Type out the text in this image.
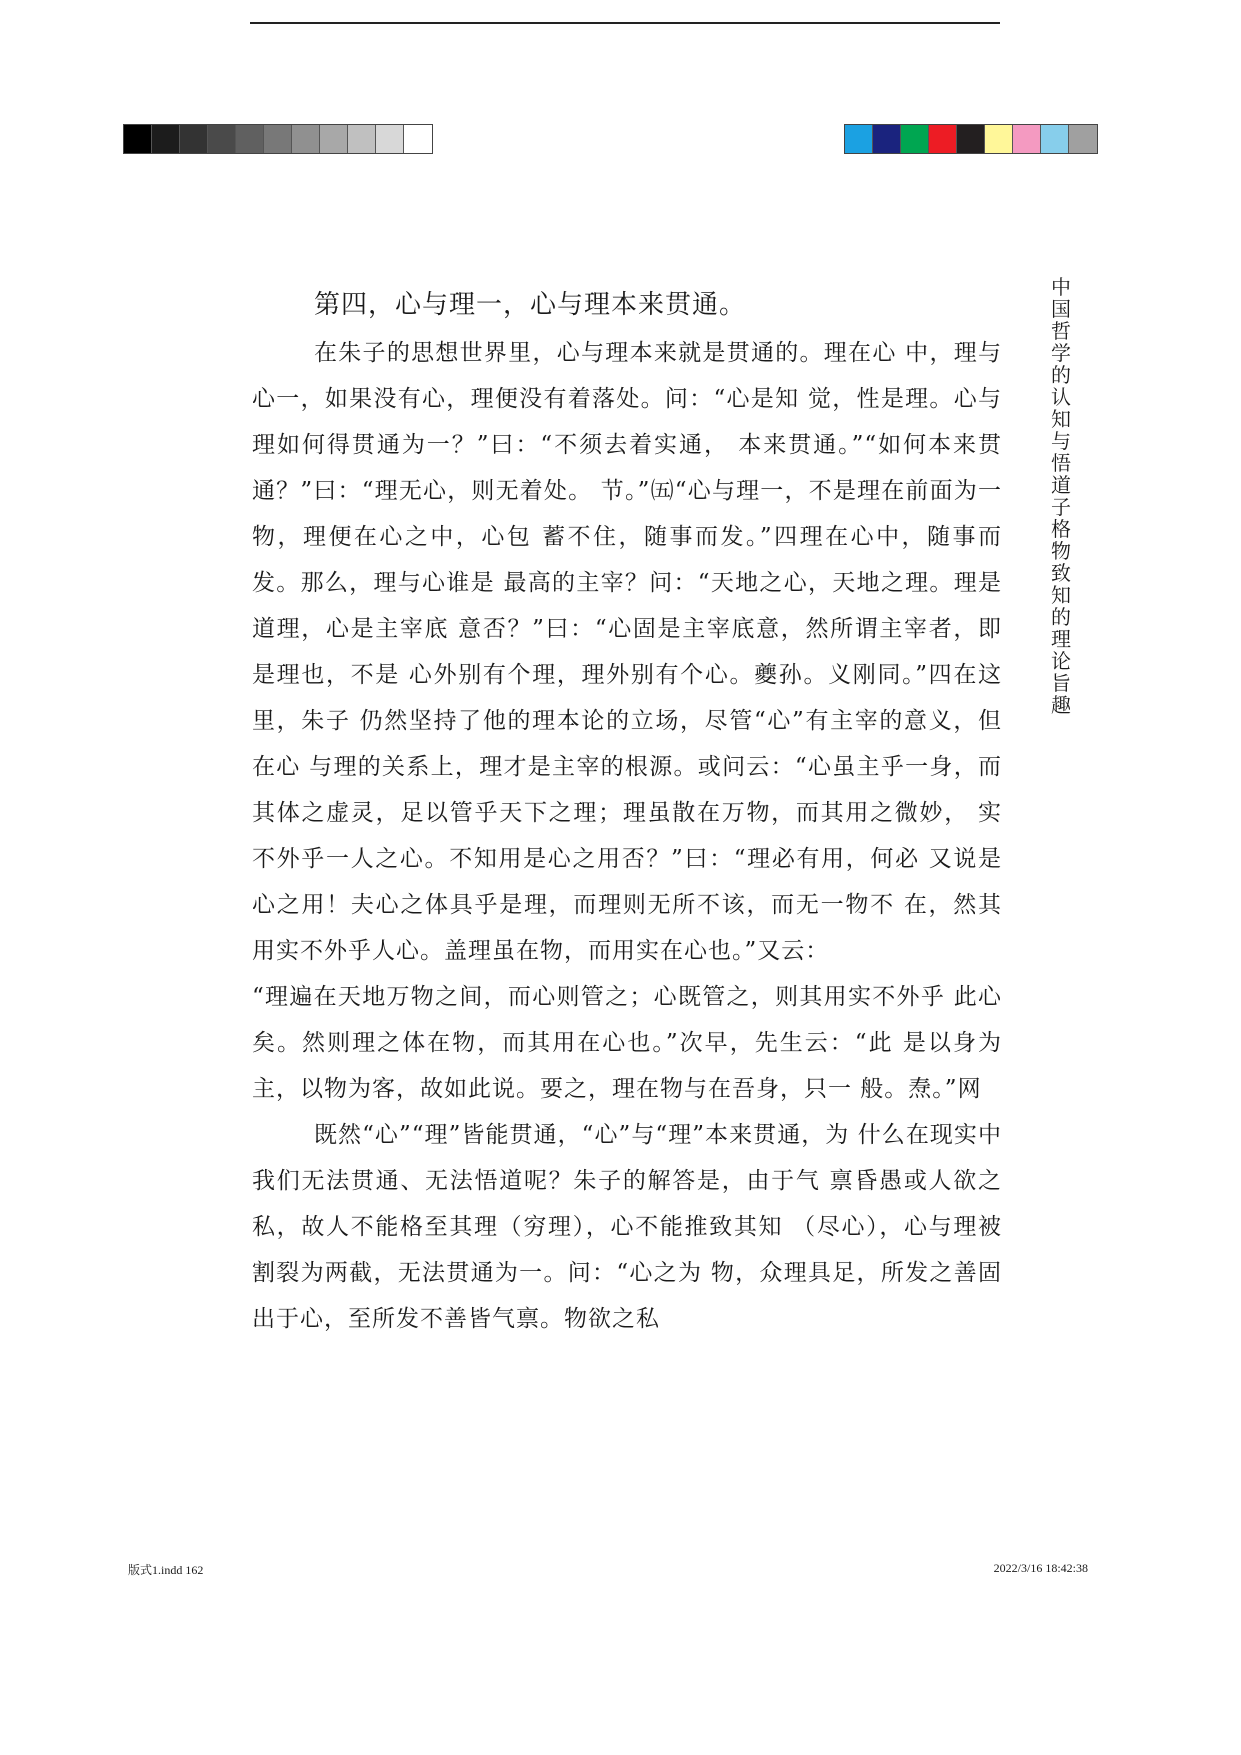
第四，心与理一，心与理本来贯通。

在朱子的思想世界里，心与理本来就是贯通的。理在心 中，理与心一，如果没有心，理便没有着落处。问：“心是知 觉，性是理。心与理如何得贯通为一？”曰：“不须去着实通， 本来贯通。”“如何本来贯通？”曰：“理无心，则无着处。 节。”㈤“心与理一，不是理在前面为一物，理便在心之中，心包 蓄不住，随事而发。”四理在心中，随事而发。那么，理与心谁是 最高的主宰？问：“天地之心，天地之理。理是道理，心是主宰底 意否？”曰：“心固是主宰底意，然所谓主宰者，即是理也，不是 心外别有个理，理外别有个心。夔孙。义刚同。”四在这里，朱子 仍然坚持了他的理本论的立场，尽管“心”有主宰的意义，但在心 与理的关系上，理才是主宰的根源。或问云：“心虽主乎一身，而 其体之虚灵，足以管乎天下之理；理虽散在万物，而其用之微妙， 实不外乎一人之心。不知用是心之用否？”曰：“理必有用，何必 又说是心之用！夫心之体具乎是理，而理则无所不该，而无一物不 在，然其用实不外乎人心。盖理虽在物，而用实在心也。”又云：

“理遍在天地万物之间，而心则管之；心既管之，则其用实不外乎 此心矣。然则理之体在物，而其用在心也。”次早，先生云：“此 是以身为主，以物为客，故如此说。要之，理在物与在吾身，只一 般。焘。”网

既然“心”“理”皆能贯通，“心”与“理”本来贯通，为 什么在现实中我们无法贯通、无法悟道呢？朱子的解答是，由于气 禀昏愚或人欲之私，故人不能格至其理（穷理），心不能推致其知 （尽心），心与理被割裂为两截，无法贯通为一。问：“心之为 物，众理具足，所发之善固出于心，至所发不善皆气禀。物欲之私

中国哲学的认知与悟道子格物致知的理论旨趣
版式1.indd 162	2022/3/16 18:42:38
